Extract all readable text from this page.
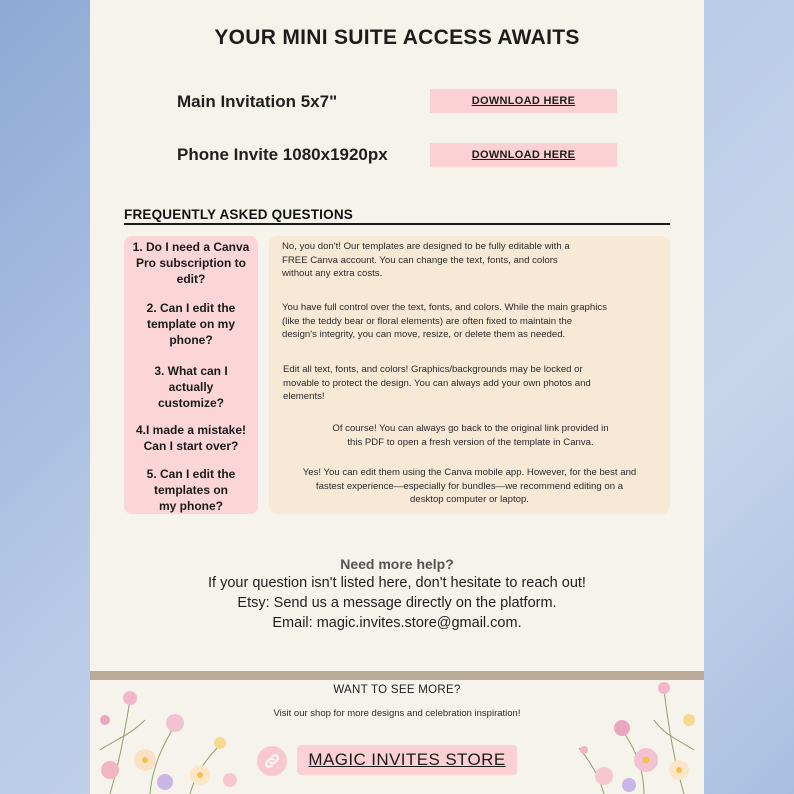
YOUR MINI SUITE ACCESS AWAITS
Main Invitation 5x7"	DOWNLOAD HERE
Phone Invite 1080x1920px	DOWNLOAD HERE
FREQUENTLY ASKED QUESTIONS
1. Do I need a Canva
Pro subscription to
edit?
2. Can I edit the
template on my
phone?
3. What can I
actually
customize?
4.I made a mistake!
Can I start over?
5. Can I edit the
templates on
my phone?
No, you don't! Our templates are designed to be fully editable with a
FREE Canva account. You can change the text, fonts, and colors
without any extra costs.
You have full control over the text, fonts, and colors. While the main graphics
(like the teddy bear or floral elements) are often fixed to maintain the
design's integrity, you can move, resize, or delete them as needed.
Edit all text, fonts, and colors! Graphics/backgrounds may be locked or
movable to protect the design. You can always add your own photos and
elements!
Of course! You can always go back to the original link provided in
this PDF to open a fresh version of the template in Canva.
Yes! You can edit them using the Canva mobile app. However, for the best and
fastest experience—especially for bundles—we recommend editing on a
desktop computer or laptop.
Need more help?
If your question isn't listed here, don't hesitate to reach out!
Etsy: Send us a message directly on the platform.
Email: magic.invites.store@gmail.com.
WANT TO SEE MORE?
Visit our shop for more designs and celebration inspiration!
MAGIC INVITES STORE
